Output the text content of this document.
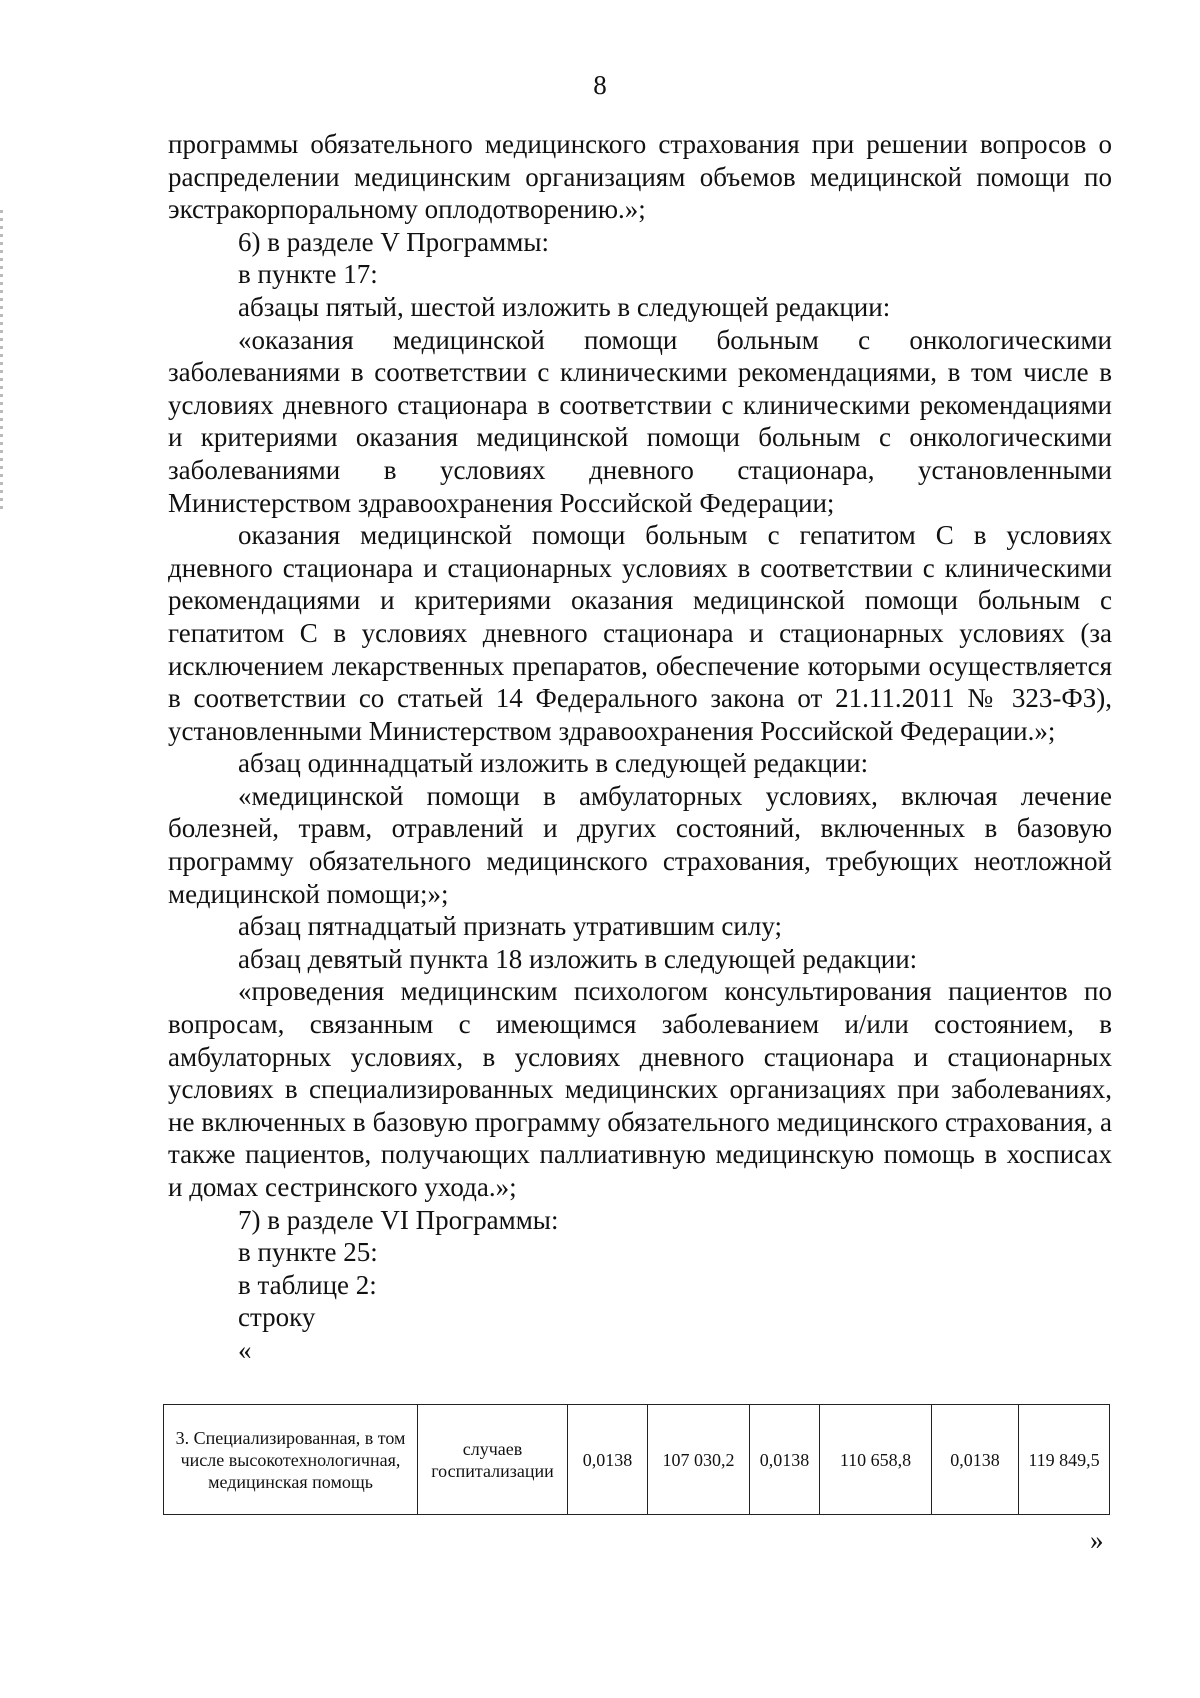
8

программы обязательного медицинского страхования при решении вопросов о распределении медицинским организациям объемов медицинской помощи по экстракорпоральному оплодотворению.»;

6) в разделе V Программы:

в пункте 17:

абзацы пятый, шестой изложить в следующей редакции:

«оказания медицинской помощи больным с онкологическими заболеваниями в соответствии с клиническими рекомендациями, в том числе в условиях дневного стационара в соответствии с клиническими рекомендациями и критериями оказания медицинской помощи больным с онкологическими заболеваниями в условиях дневного стационара, установленными Министерством здравоохранения Российской Федерации;

оказания медицинской помощи больным с гепатитом С в условиях дневного стационара и стационарных условиях в соответствии с клиническими рекомендациями и критериями оказания медицинской помощи больным с гепатитом С в условиях дневного стационара и стационарных условиях (за исключением лекарственных препаратов, обеспечение которыми осуществляется в соответствии со статьей 14 Федерального закона от 21.11.2011 № 323-ФЗ), установленными Министерством здравоохранения Российской Федерации.»;

абзац одиннадцатый изложить в следующей редакции:

«медицинской помощи в амбулаторных условиях, включая лечение болезней, травм, отравлений и других состояний, включенных в базовую программу обязательного медицинского страхования, требующих неотложной медицинской помощи;»;

абзац пятнадцатый признать утратившим силу;

абзац девятый пункта 18 изложить в следующей редакции:

«проведения медицинским психологом консультирования пациентов по вопросам, связанным с имеющимся заболеванием и/или состоянием, в амбулаторных условиях, в условиях дневного стационара и стационарных условиях в специализированных медицинских организациях при заболеваниях, не включенных в базовую программу обязательного медицинского страхования, а также пациентов, получающих паллиативную медицинскую помощь в хосписах и домах сестринского ухода.»;

7) в разделе VI Программы:

в пункте 25:

в таблице 2:

строку

«

3. Специализированная, в том числе высокотехнологичная, медицинская помощь	случаев госпитализации	0,0138	107 030,2	0,0138	110 658,8	0,0138	119 849,5
»
